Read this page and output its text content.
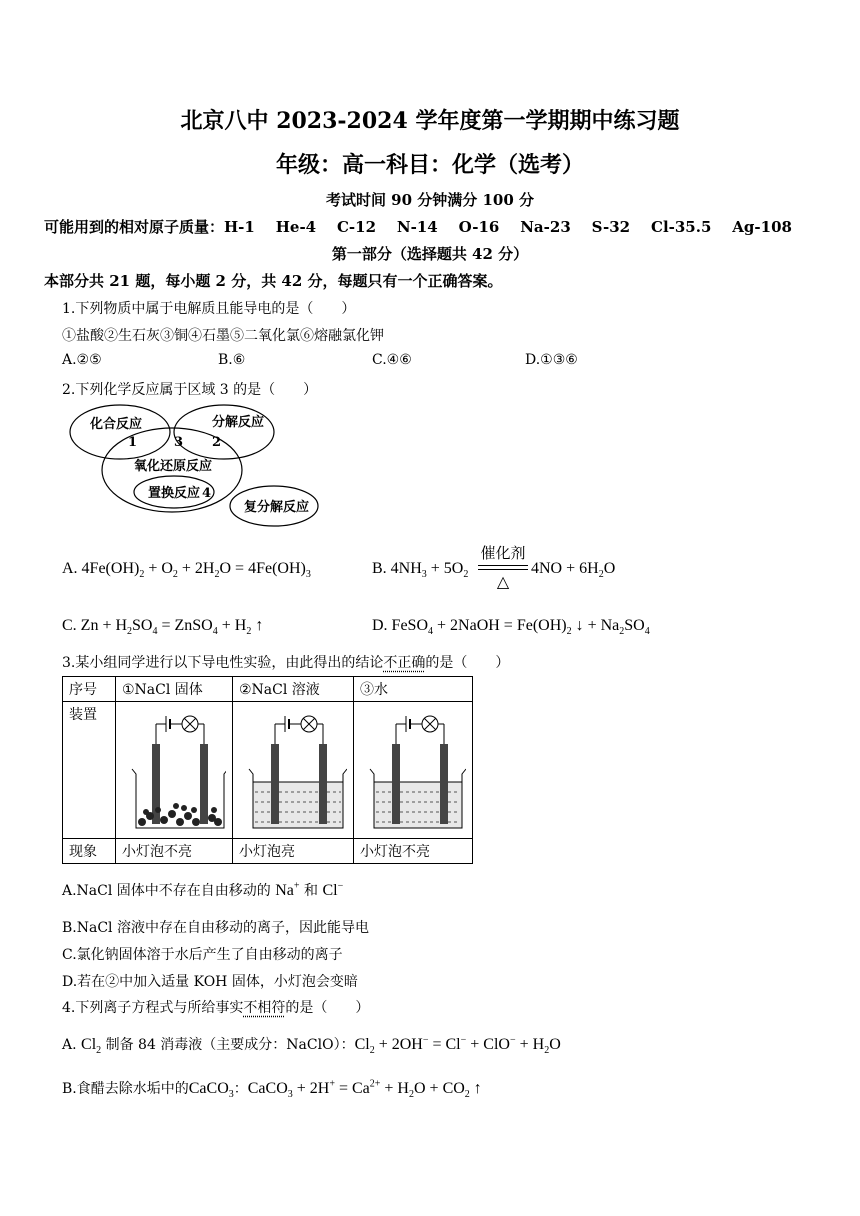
北京八中 2023-2024 学年度第一学期期中练习题
年级：高一科目：化学（选考）
考试时间 90 分钟满分 100 分
可能用到的相对原子质量：H-1    He-4    C-12    N-14    O-16    Na-23    S-32    Cl-35.5    Ag-108
第一部分（选择题共 42 分）
本部分共 21 题，每小题 2 分，共 42 分，每题只有一个正确答案。
1.下列物质中属于电解质且能导电的是（　　）
①盐酸②生石灰③铜④石墨⑤二氧化氯⑥熔融氯化钾
A.②⑤	B.⑥	C.④⑥	D.①③⑥
2.下列化学反应属于区域 3 的是（　　）
化合反应	分解反应
氧化还原反应
置换反应
复分解反应
1	3 2
4
A. $4Fe(OH)_2 + O_2 + 2H_2O = 4Fe(OH)_3$	B. $4NH_3 + 5O_2$
催化剂
△
$4NO + 6H_2O$
C. $Zn + H_2SO_4$ = ZnSO$_4$ + $H_2$ ↑	D. FeSO$_4$ + 2NaOH = $Fe(OH)_2$ ↓ + $Na_2SO_4$
3.某小组同学进行以下导电性实验，由此得出的结论不正确的是（　　）
序号	①NaCl 固体	②NaCl 溶液	③水
装置			
现象	小灯泡不亮	小灯泡亮	小灯泡不亮
A.NaCl 固体中不存在自由移动的 Na+ 和 Cl−
B.NaCl 溶液中存在自由移动的离子，因此能导电
C.氯化钠固体溶于水后产生了自由移动的离子
D.若在②中加入适量 KOH 固体，小灯泡会变暗
4.下列离子方程式与所给事实不相符的是（　　）
A. $Cl_2$ 制备 84 消毒液（主要成分：NaClO）：$Cl_2 + 2OH^- = Cl^- + ClO^- + H_2O$
B.食醋去除水垢中的CaCO$_3$：CaCO$_3$ + $2H^+ = Ca^{2+} + H_2O + CO_2$ ↑
